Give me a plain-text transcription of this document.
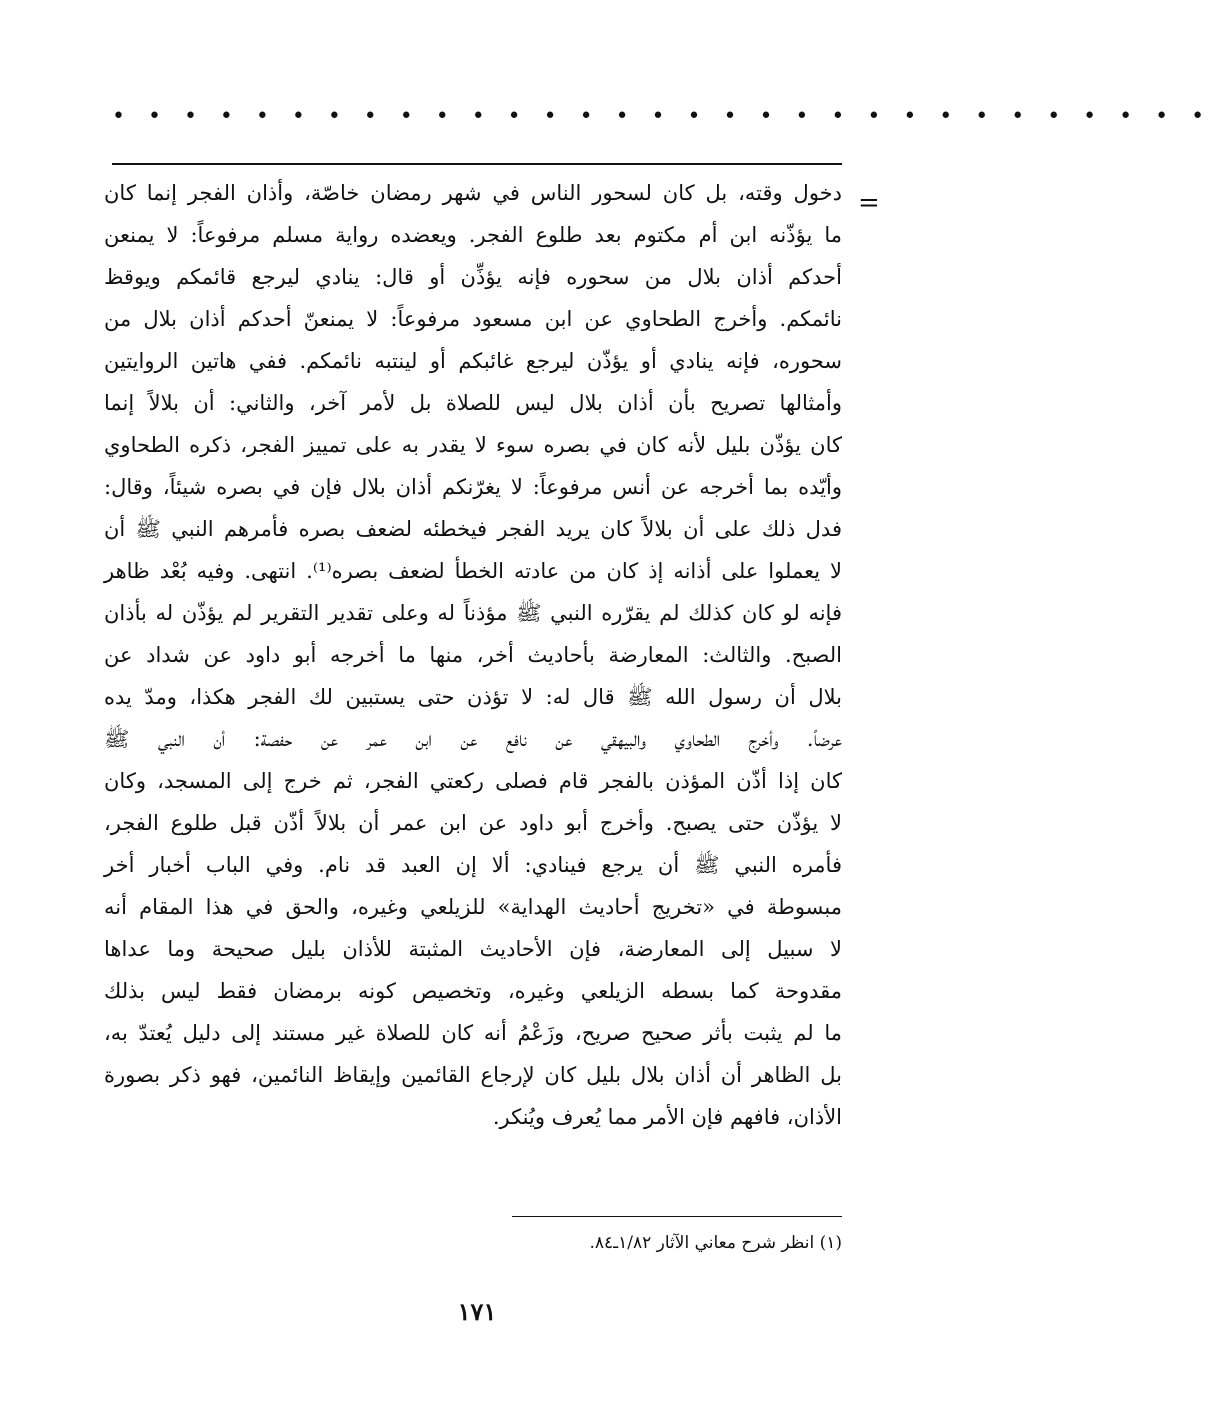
• • • • • • • • • • • • • • • • • • • • • • • • • • • • • • •
=
دخول وقته، بل كان لسحور الناس في شهر رمضان خاصّة، وأذان الفجر إنما كان
ما يؤذّنه ابن أم مكتوم بعد طلوع الفجر. ويعضده رواية مسلم مرفوعاً: لا يمنعن
أحدكم أذان بلال من سحوره فإنه يؤذِّن أو قال: ينادي ليرجع قائمكم ويوقظ
نائمكم. وأخرج الطحاوي عن ابن مسعود مرفوعاً: لا يمنعنّ أحدكم أذان بلال من
سحوره، فإنه ينادي أو يؤذّن ليرجع غائبكم أو لينتبه نائمكم. ففي هاتين الروايتين
وأمثالها تصريح بأن أذان بلال ليس للصلاة بل لأمر آخر، والثاني: أن بلالاً إنما
كان يؤذّن بليل لأنه كان في بصره سوء لا يقدر به على تمييز الفجر، ذكره الطحاوي
وأيّده بما أخرجه عن أنس مرفوعاً: لا يغرّنكم أذان بلال فإن في بصره شيئاً، وقال:
فدل ذلك على أن بلالاً كان يريد الفجر فيخطئه لضعف بصره فأمرهم النبي ﷺ أن
لا يعملوا على أذانه إذ كان من عادته الخطأ لضعف بصره⁽¹⁾. انتهى. وفيه بُعْد ظاهر
فإنه لو كان كذلك لم يقرّره النبي ﷺ مؤذناً له وعلى تقدير التقرير لم يؤذّن له بأذان
الصبح. والثالث: المعارضة بأحاديث أخر، منها ما أخرجه أبو داود عن شداد عن
بلال أن رسول الله ﷺ قال له: لا تؤذن حتى يستبين لك الفجر هكذا، ومدّ يده
عرضاً. وأخرج الطحاوي والبيهقي عن نافع عن ابن عمر عن حفصة: أن النبي ﷺ
كان إذا أذّن المؤذن بالفجر قام فصلى ركعتي الفجر، ثم خرج إلى المسجد، وكان
لا يؤذّن حتى يصبح. وأخرج أبو داود عن ابن عمر أن بلالاً أذّن قبل طلوع الفجر،
فأمره النبي ﷺ أن يرجع فينادي: ألا إن العبد قد نام. وفي الباب أخبار أخر
مبسوطة في «تخريج أحاديث الهداية» للزيلعي وغيره، والحق في هذا المقام أنه
لا سبيل إلى المعارضة، فإن الأحاديث المثبتة للأذان بليل صحيحة وما عداها
مقدوحة كما بسطه الزيلعي وغيره، وتخصيص كونه برمضان فقط ليس بذلك
ما لم يثبت بأثر صحيح صريح، وزَعْمُ أنه كان للصلاة غير مستند إلى دليل يُعتدّ به،
بل الظاهر أن أذان بلال بليل كان لإرجاع القائمين وإيقاظ النائمين، فهو ذكر بصورة
الأذان، فافهم فإن الأمر مما يُعرف ويُنكر.
(١) انظر شرح معاني الآثار ١/٨٢ـ٨٤.
١٧١
